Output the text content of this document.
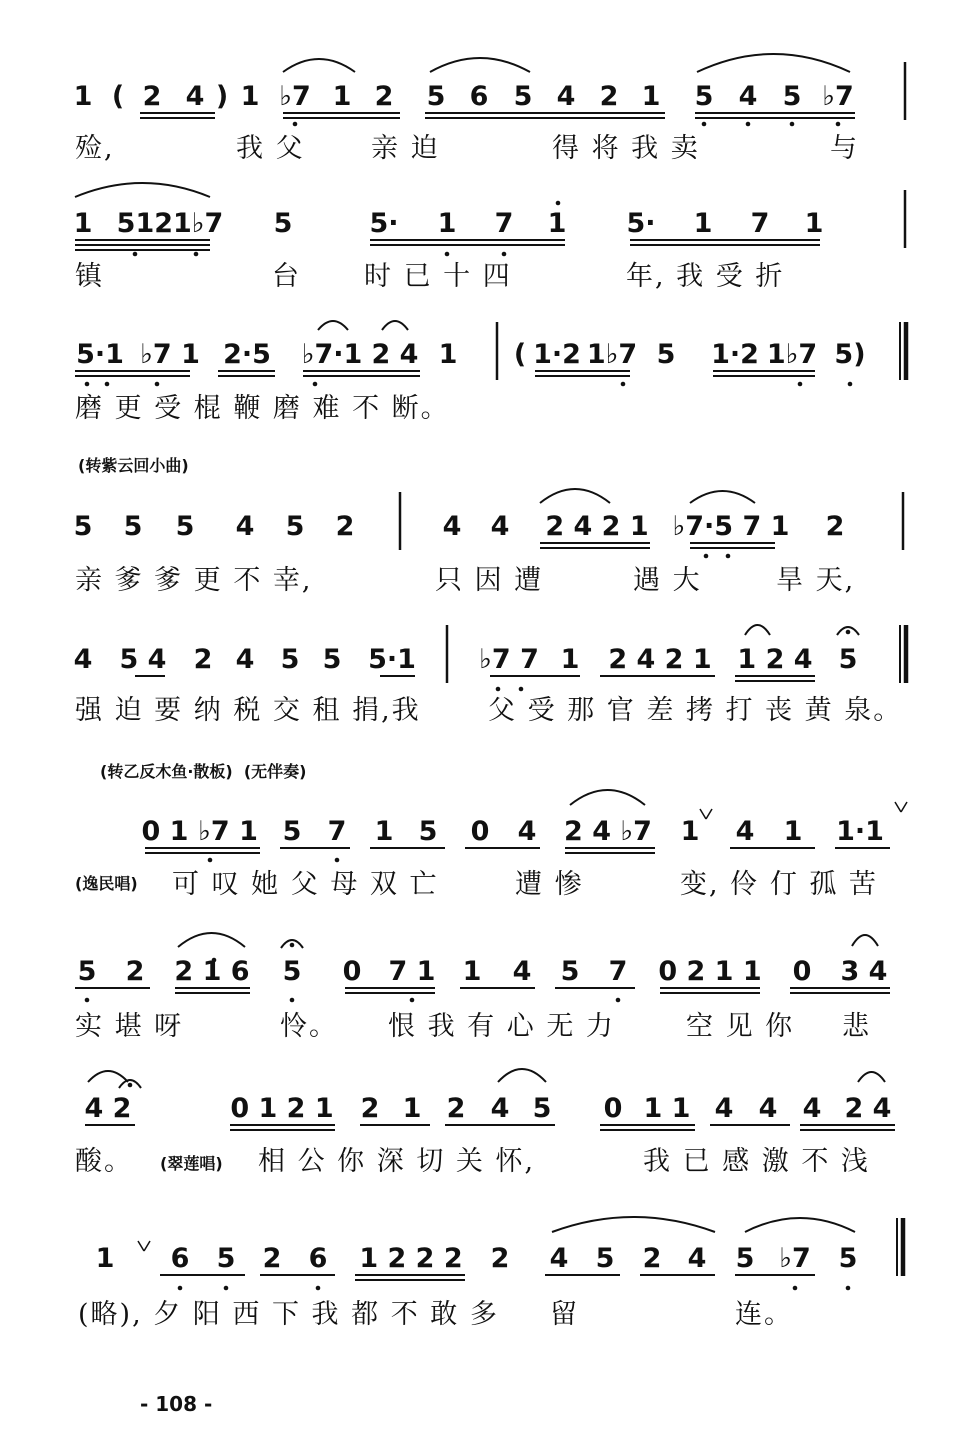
1 ( 2 4 ) 1 ♭7 1 2 5 6 5 4 2 1 5 4 5 ♭7
1 5121♭7 5	5· 1 7 1 5· 1 7 1
5·1 ♭7 1 2·5 ♭7·1 2 4 1 ( 1·2 1♭7 5 1·2 1♭7 5)
5 5 5 4 5 2	4 4 2 4 2 1 ♭7·5 7 1 2
4 5 4 2 4 5 5 5·1 ♭7 7 1 2 4 2 1 1 2 4 5
0 1 ♭7 1 5 7 1 5 0 4 2 4 ♭7 1 4 1 1·1
5 2 2 1 6 5 0 7 1 1 4 5 7 0 2 1 1 0 3 4
4 2	0 1 2 1 2 1 2 4 5 0 1 1 4 4 4 2 4
1 6 5 2 6 1 2 2 2 2 4 5 2 4 5 ♭7 5
殓,	我 父 亲 迫	得 将 我 卖	与
镇	台 时 已 十 四	年, 我 受 折
磨 更 受 棍 鞭 磨 难 不 断。
亲 爹 爹 更 不 幸,	只 因 遭	遇 大	旱 天,
强 迫 要 纳 税 交 租 捐,我 父 受 那 官 差 拷 打 丧 黄 泉。
可 叹 她 父 母 双 亡	遭 惨	变, 伶 仃 孤 苦
实 堪 呀	怜。 恨 我 有 心 无 力	空 见 你 悲
酸。	相 公 你 深 切 关 怀,	我 已 感 激 不 浅
(略), 夕 阳 西 下 我 都 不 敢 多 留	连。
(转紫云回小曲)
(转乙反木鱼·散板)  (无伴奏)
(逸民唱)
(翠莲唱)
- 108 -
